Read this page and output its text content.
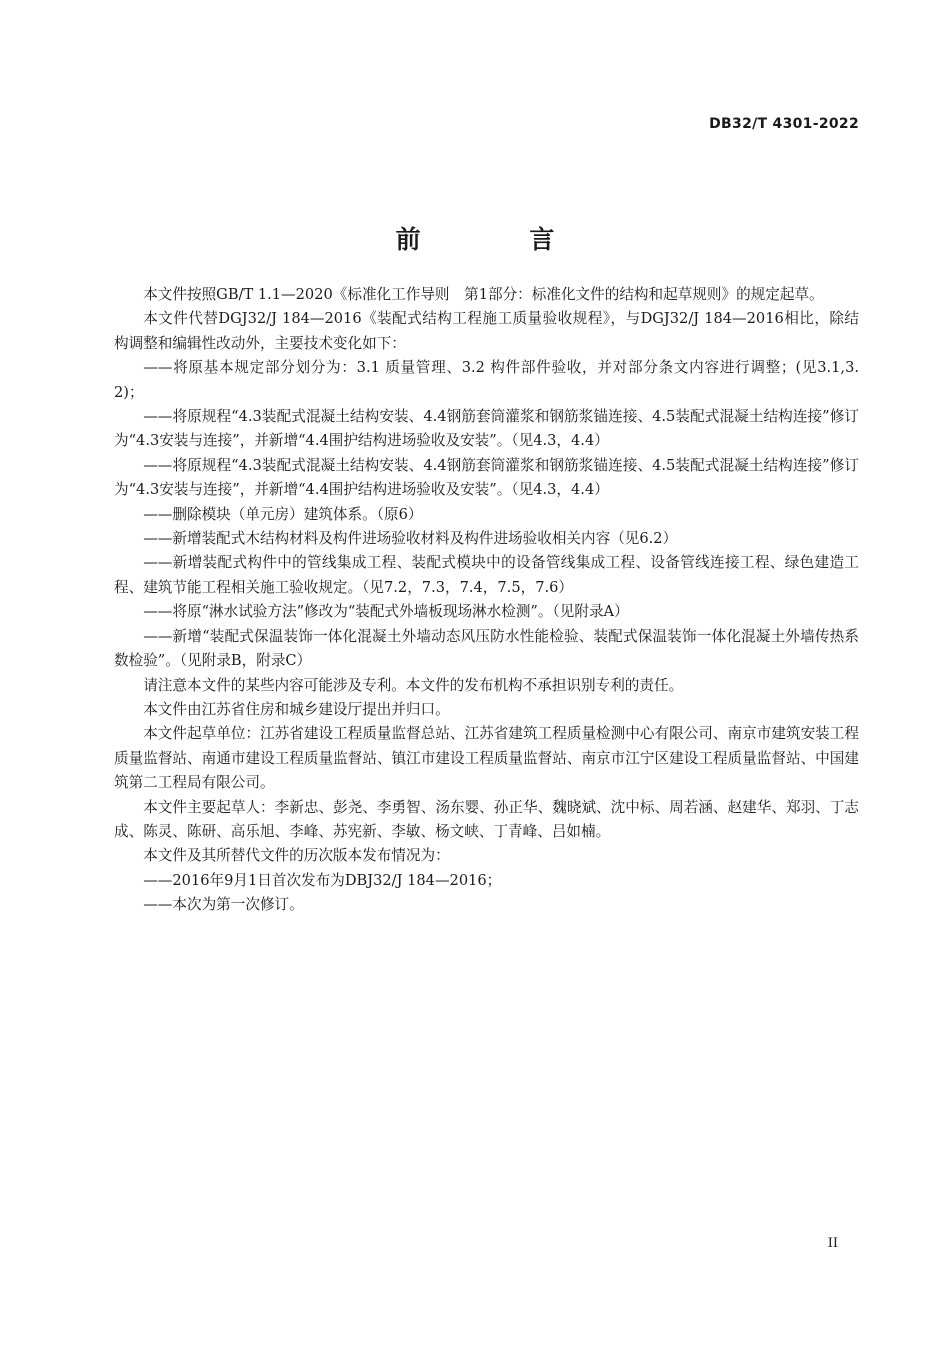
DB32/T 4301-2022
前 言

本文件按照GB/T 1.1—2020《标准化工作导则　第1部分：标准化文件的结构和起草规则》的规定起草。

本文件代替DGJ32/J 184—2016《装配式结构工程施工质量验收规程》，与DGJ32/J 184—2016相比，除结构调整和编辑性改动外，主要技术变化如下：

——将原基本规定部分划分为：3.1 质量管理、3.2 构件部件验收，并对部分条文内容进行调整；(见3.1,3.2)；

——将原规程“4.3装配式混凝土结构安装、4.4钢筋套筒灌浆和钢筋浆锚连接、4.5装配式混凝土结构连接”修订为“4.3安装与连接”，并新增“4.4围护结构进场验收及安装”。（见4.3，4.4）

——将原规程“4.3装配式混凝土结构安装、4.4钢筋套筒灌浆和钢筋浆锚连接、4.5装配式混凝土结构连接”修订为“4.3安装与连接”，并新增“4.4围护结构进场验收及安装”。（见4.3，4.4）

——删除模块（单元房）建筑体系。（原6）

——新增装配式木结构材料及构件进场验收材料及构件进场验收相关内容（见6.2）

——新增装配式构件中的管线集成工程、装配式模块中的设备管线集成工程、设备管线连接工程、绿色建造工程、建筑节能工程相关施工验收规定。（见7.2，7.3，7.4，7.5，7.6）

——将原“淋水试验方法”修改为“装配式外墙板现场淋水检测”。（见附录A）

——新增“装配式保温装饰一体化混凝土外墙动态风压防水性能检验、装配式保温装饰一体化混凝土外墙传热系数检验”。（见附录B，附录C）

请注意本文件的某些内容可能涉及专利。本文件的发布机构不承担识别专利的责任。

本文件由江苏省住房和城乡建设厅提出并归口。

本文件起草单位：江苏省建设工程质量监督总站、江苏省建筑工程质量检测中心有限公司、南京市建筑安装工程质量监督站、南通市建设工程质量监督站、镇江市建设工程质量监督站、南京市江宁区建设工程质量监督站、中国建筑第二工程局有限公司。

本文件主要起草人：李新忠、彭尧、李勇智、汤东婴、孙正华、魏晓斌、沈中标、周若涵、赵建华、郑羽、丁志成、陈灵、陈研、高乐旭、李峰、苏宪新、李敏、杨文峡、丁青峰、吕如楠。

本文件及其所替代文件的历次版本发布情况为：

——2016年9月1日首次发布为DBJ32/J 184—2016；

——本次为第一次修订。

II
